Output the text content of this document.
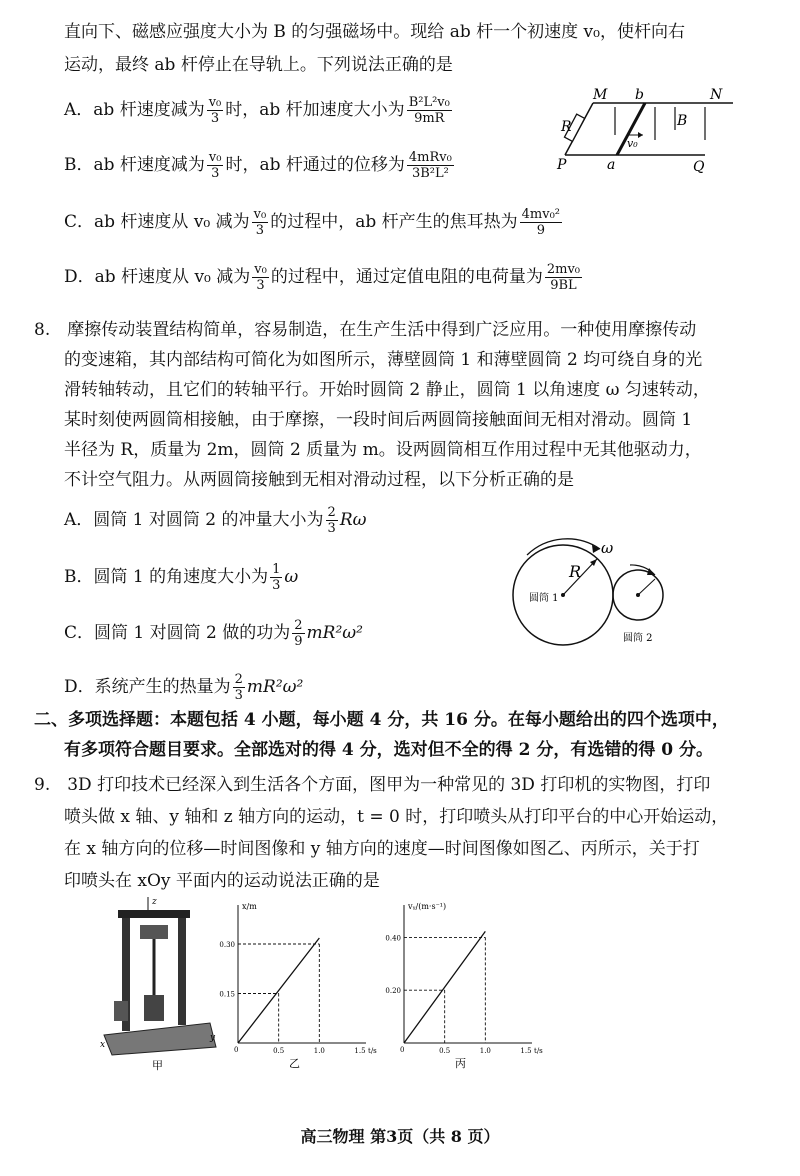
直向下、磁感应强度大小为 B 的匀强磁场中。现给 ab 杆一个初速度 v₀，使杆向右
运动，最终 ab 杆停止在导轨上。下列说法正确的是
A．ab 杆速度减为 $\frac{\text{v₀}}{3}$ 时，ab 杆加速度大小为 $\frac{\text{B²L²v₀}}{9mR}$
B．ab 杆速度减为 $\frac{\text{v₀}}{3}$ 时，ab 杆通过的位移为 $\frac{\text{4mRv₀}}{\text{3B²L²}}$
C．ab 杆速度从 v₀ 减为 $\frac{\text{v₀}}{3}$ 的过程中，ab 杆产生的焦耳热为 $\frac{\text{4mv₀²}}{9}$
D．ab 杆速度从 v₀ 减为 $\frac{\text{v₀}}{3}$ 的过程中，通过定值电阻的电荷量为 $\frac{\text{2mv₀}}{9BL}$
M b	N
P	a	Q
R	B
v₀
8.　摩擦传动装置结构简单，容易制造，在生产生活中得到广泛应用。一种使用摩擦传动
的变速箱，其内部结构可简化为如图所示，薄壁圆筒 1 和薄壁圆筒 2 均可绕自身的光
滑转轴转动，且它们的转轴平行。开始时圆筒 2 静止，圆筒 1 以角速度 ω 匀速转动，
某时刻使两圆筒相接触，由于摩擦，一段时间后两圆筒接触面间无相对滑动。圆筒 1
半径为 R，质量为 2m，圆筒 2 质量为 m。设两圆筒相互作用过程中无其他驱动力，
不计空气阻力。从两圆筒接触到无相对滑动过程，以下分析正确的是
A．圆筒 1 对圆筒 2 的冲量大小为 $\frac{2}{3}$ Rω
B．圆筒 1 的角速度大小为 $\frac{1}{3}$ ω
C．圆筒 1 对圆筒 2 做的功为 $\frac{2}{9} mR^2\omega^2$
D．系统产生的热量为 $\frac{2}{3} mR^2\omega^2$
ω
R
圆筒 1
圆筒 2
二、多项选择题：本题包括 4 小题，每小题 4 分，共 16 分。在每小题给出的四个选项中，
有多项符合题目要求。全部选对的得 4 分，选对但不全的得 2 分，有选错的得 0 分。
9.　3D 打印技术已经深入到生活各个方面，图甲为一种常见的 3D 打印机的实物图，打印
喷头做 x 轴、y 轴和 z 轴方向的运动，t = 0 时，打印喷头从打印平台的中心开始运动，
在 x 轴方向的位移—时间图像和 y 轴方向的速度—时间图像如图乙、丙所示，关于打
印喷头在 xOy 平面内的运动说法正确的是
z
x
y
甲
x/m
0.15
0.30
0	0.5	1.0	1.5 t/s
乙
vᵧ/(m·s⁻¹)
0.20
0.40
0	0.5	1.0	1.5 t/s
丙
高三物理 第3页（共 8 页）
